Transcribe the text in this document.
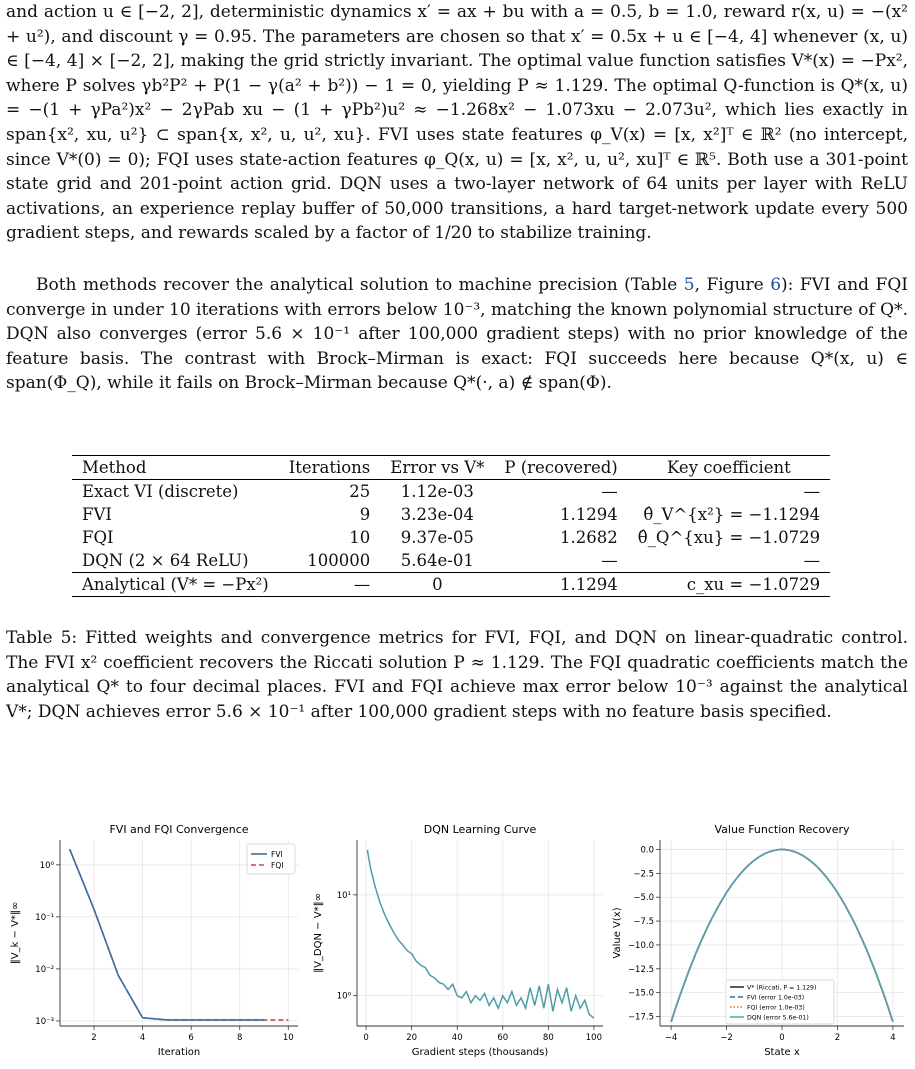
and action u ∈ [−2, 2], deterministic dynamics x′ = ax + bu with a = 0.5, b = 1.0, reward r(x, u) = −(x² + u²), and discount γ = 0.95. The parameters are chosen so that x′ = 0.5x + u ∈ [−4, 4] whenever (x, u) ∈ [−4, 4] × [−2, 2], making the grid strictly invariant. The optimal value function satisfies V*(x) = −Px², where P solves γb²P² + P(1 − γ(a² + b²)) − 1 = 0, yielding P ≈ 1.129. The optimal Q-function is Q*(x, u) = −(1 + γPa²)x² − 2γPab xu − (1 + γPb²)u² ≈ −1.268x² − 1.073xu − 2.073u², which lies exactly in span{x², xu, u²} ⊂ span{x, x², u, u², xu}. FVI uses state features φ_V(x) = [x, x²]ᵀ ∈ ℝ² (no intercept, since V*(0) = 0); FQI uses state-action features φ_Q(x, u) = [x, x², u, u², xu]ᵀ ∈ ℝ⁵. Both use a 301-point state grid and 201-point action grid. DQN uses a two-layer network of 64 units per layer with ReLU activations, an experience replay buffer of 50,000 transitions, a hard target-network update every 500 gradient steps, and rewards scaled by a factor of 1/20 to stabilize training.

Both methods recover the analytical solution to machine precision (Table 5, Figure 6): FVI and FQI converge in under 10 iterations with errors below 10⁻³, matching the known polynomial structure of Q*. DQN also converges (error 5.6 × 10⁻¹ after 100,000 gradient steps) with no prior knowledge of the feature basis. The contrast with Brock–Mirman is exact: FQI succeeds here because Q*(x, u) ∈ span(Φ_Q), while it fails on Brock–Mirman because Q*(·, a) ∉ span(Φ).
Method	Iterations	Error vs V*	P (recovered)	Key coefficient
Exact VI (discrete)	25	1.12e-03	—	—
FVI	9	3.23e-04	1.1294	θ̂_V^{x²} = −1.1294
FQI	10	9.37e-05	1.2682	θ̂_Q^{xu} = −1.0729
DQN (2 × 64 ReLU)	100000	5.64e-01	—	—
Analytical (V* = −Px²)	—	0	1.1294	c_xu = −1.0729
Table 5: Fitted weights and convergence metrics for FVI, FQI, and DQN on linear-quadratic control. The FVI x² coefficient recovers the Riccati solution P ≈ 1.129. The FQI quadratic coefficients match the analytical Q* to four decimal places. FVI and FQI achieve max error below 10⁻³ against the analytical V*; DQN achieves error 5.6 × 10⁻¹ after 100,000 gradient steps with no feature basis specified.
FVI and FQI Convergence
Iteration
‖V_k − V*‖∞
2	4	6	8	10
10⁰
10⁻¹
10⁻²
10⁻³
FVI
FQI
DQN Learning Curve
Gradient steps (thousands)
‖V_DQN − V*‖∞
0	20	40	60	80	100
10¹
10⁰
Value Function Recovery
State x
Value V(x)
−4	−2	0	2	4
0.0
−2.5
−5.0
−7.5
−10.0
−12.5
−15.0
−17.5
V* (Riccati, P = 1.129)
FVI (error 1.0e-03)
FQI (error 1.0e-03)
DQN (error 5.6e-01)
